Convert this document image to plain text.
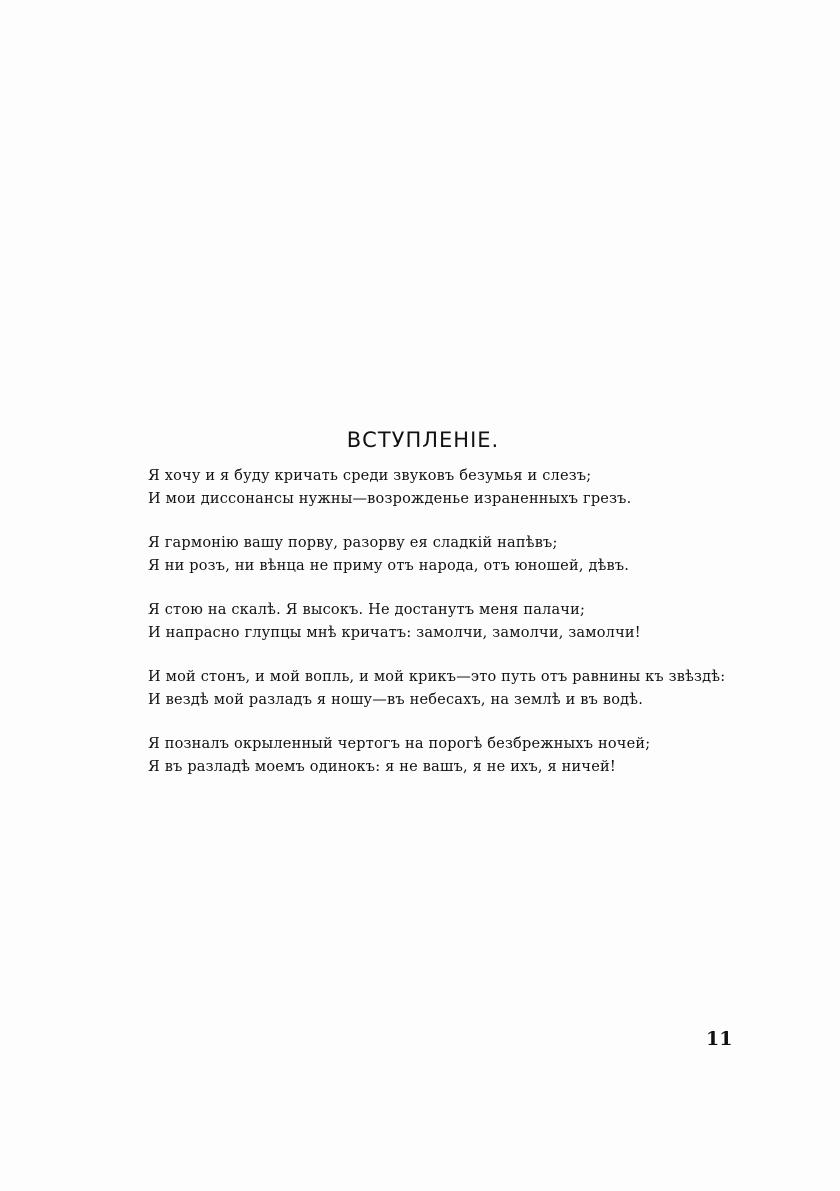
ВСТУПЛЕНІЕ.
Я хочу и я буду кричать среди звуковъ безумья и слезъ;
И мои диссонансы нужны—возрожденье израненныхъ грезъ.
Я гармонію вашу порву, разорву ея сладкій напѣвъ;
Я ни розъ, ни вѣнца не приму отъ народа, отъ юношей, дѣвъ.
Я стою на скалѣ. Я высокъ. Не достанутъ меня палачи;
И напрасно глупцы мнѣ кричатъ: замолчи, замолчи, замолчи!
И мой стонъ, и мой вопль, и мой крикъ—это путь отъ равнины къ звѣздѣ:
И вездѣ мой разладъ я ношу—въ небесахъ, на землѣ и въ водѣ.
Я позналъ окрыленный чертогъ на порогѣ безбрежныхъ ночей;
Я въ разладѣ моемъ одинокъ: я не вашъ, я не ихъ, я ничей!
11
